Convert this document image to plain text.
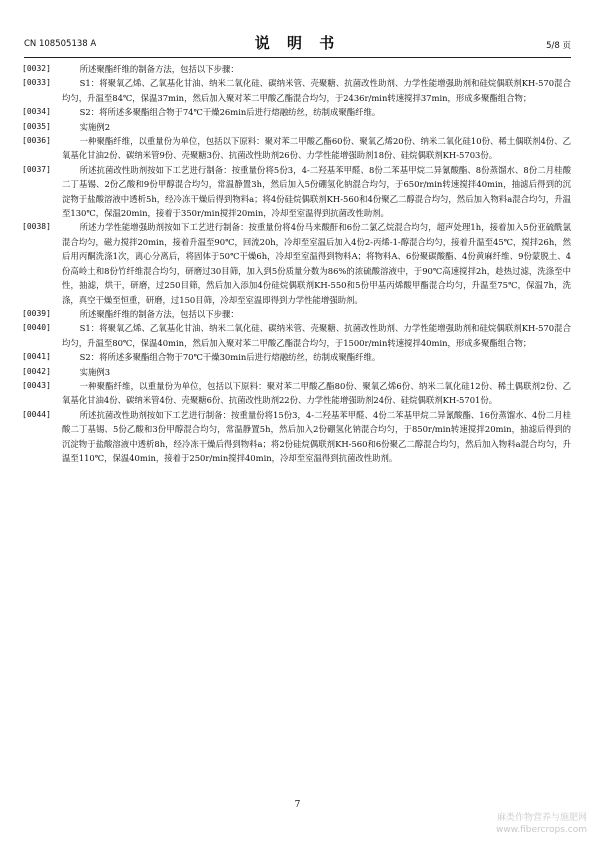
CN 108505138 A	说 明 书	5/8 页

[0032]	所述聚酯纤维的制备方法，包括以下步骤：

[0033]	S1：将聚氧乙烯、乙氧基化甘油、纳米二氧化硅、碳纳米管、壳聚糖、抗菌改性助剂、力学性能增强助剂和硅烷偶联剂KH-570混合均匀，升温至84℃，保温37min，然后加入聚对苯二甲酸乙酯混合均匀，于2436r/min转速搅拌37min，形成多聚酯组合物；

[0034]	S2：将所述多聚酯组合物于74℃干燥26min后进行熔融纺丝，纺制成聚酯纤维。

[0035]	实施例2

[0036]	一种聚酯纤维，以重量份为单位，包括以下原料：聚对苯二甲酸乙酯60份、聚氧乙烯20份、纳米二氧化硅10份、稀土偶联剂4份、乙氧基化甘油2份、碳纳米管9份、壳聚糖3份、抗菌改性助剂26份、力学性能增强助剂18份、硅烷偶联剂KH-5703份。

[0037]	所述抗菌改性助剂按如下工艺进行制备：按重量份将5份3，4-二羟基苯甲醛、8份二苯基甲烷二异氰酸酯、8份蒸馏水、8份二月桂酸二丁基锡、2份乙酸和9份甲醇混合均匀，常温静置3h，然后加入5份硼氢化钠混合均匀，于650r/min转速搅拌40min，抽滤后得到的沉淀物于盐酸溶液中透析5h，经冷冻干燥后得到物料a；将4份硅烷偶联剂KH-560和4份聚乙二醇混合均匀，然后加入物料a混合均匀，升温至130℃，保温20min，接着于350r/min搅拌20min，冷却至室温得到抗菌改性助剂。

[0038]	所述力学性能增强助剂按如下工艺进行制备：按重量份将4份马来酸酐和6份二氯乙烷混合均匀，超声处理1h，接着加入5份亚硫酰氯混合均匀，磁力搅拌20min，接着升温至90℃，回流20h，冷却至室温后加入4份2-丙烯-1-醇混合均匀，接着升温至45℃，搅拌26h，然后用丙酮洗涤1次，离心分离后，将固体于50℃干燥6h，冷却至室温得到物料A；将物料A、6份聚碳酸酯、4份黄麻纤维、9份蒙脱土、4份高岭土和8份竹纤维混合均匀，研磨过30目筛，加入到5份质量分数为86%的浓硫酸溶液中，于90℃高速搅拌2h，趁热过滤，洗涤至中性，抽滤，烘干，研磨，过250目筛，然后加入添加4份硅烷偶联剂KH-550和5份甲基丙烯酸甲酯混合均匀，升温至75℃，保温7h，洗涤，真空干燥至恒重，研磨，过150目筛，冷却至室温即得到力学性能增强助剂。

[0039]	所述聚酯纤维的制备方法，包括以下步骤：

[0040]	S1：将聚氧乙烯、乙氧基化甘油、纳米二氧化硅、碳纳米管、壳聚糖、抗菌改性助剂、力学性能增强助剂和硅烷偶联剂KH-570混合均匀，升温至80℃，保温40min，然后加入聚对苯二甲酸乙酯混合均匀，于1500r/min转速搅拌40min，形成多聚酯组合物；

[0041]	S2：将所述多聚酯组合物于70℃干燥30min后进行熔融纺丝，纺制成聚酯纤维。

[0042]	实施例3

[0043]	一种聚酯纤维，以重量份为单位，包括以下原料：聚对苯二甲酸乙酯80份、聚氧乙烯6份、纳米二氧化硅12份、稀土偶联剂2份、乙氧基化甘油4份、碳纳米管4份、壳聚糖6份、抗菌改性助剂22份、力学性能增强助剂24份、硅烷偶联剂KH-5701份。

[0044]	所述抗菌改性助剂按如下工艺进行制备：按重量份将15份3，4-二羟基苯甲醛、4份二苯基甲烷二异氰酸酯、16份蒸馏水、4份二月桂酸二丁基锡、5份乙酸和3份甲醇混合均匀，常温静置5h，然后加入2份硼氢化钠混合均匀，于850r/min转速搅拌20min，抽滤后得到的沉淀物于盐酸溶液中透析8h，经冷冻干燥后得到物料a；将2份硅烷偶联剂KH-560和6份聚乙二醇混合均匀，然后加入物料a混合均匀，升温至110℃，保温40min，接着于250r/min搅拌40min，冷却至室温得到抗菌改性助剂。

7
麻类作物营养与施肥网
www.fibercrops.com
